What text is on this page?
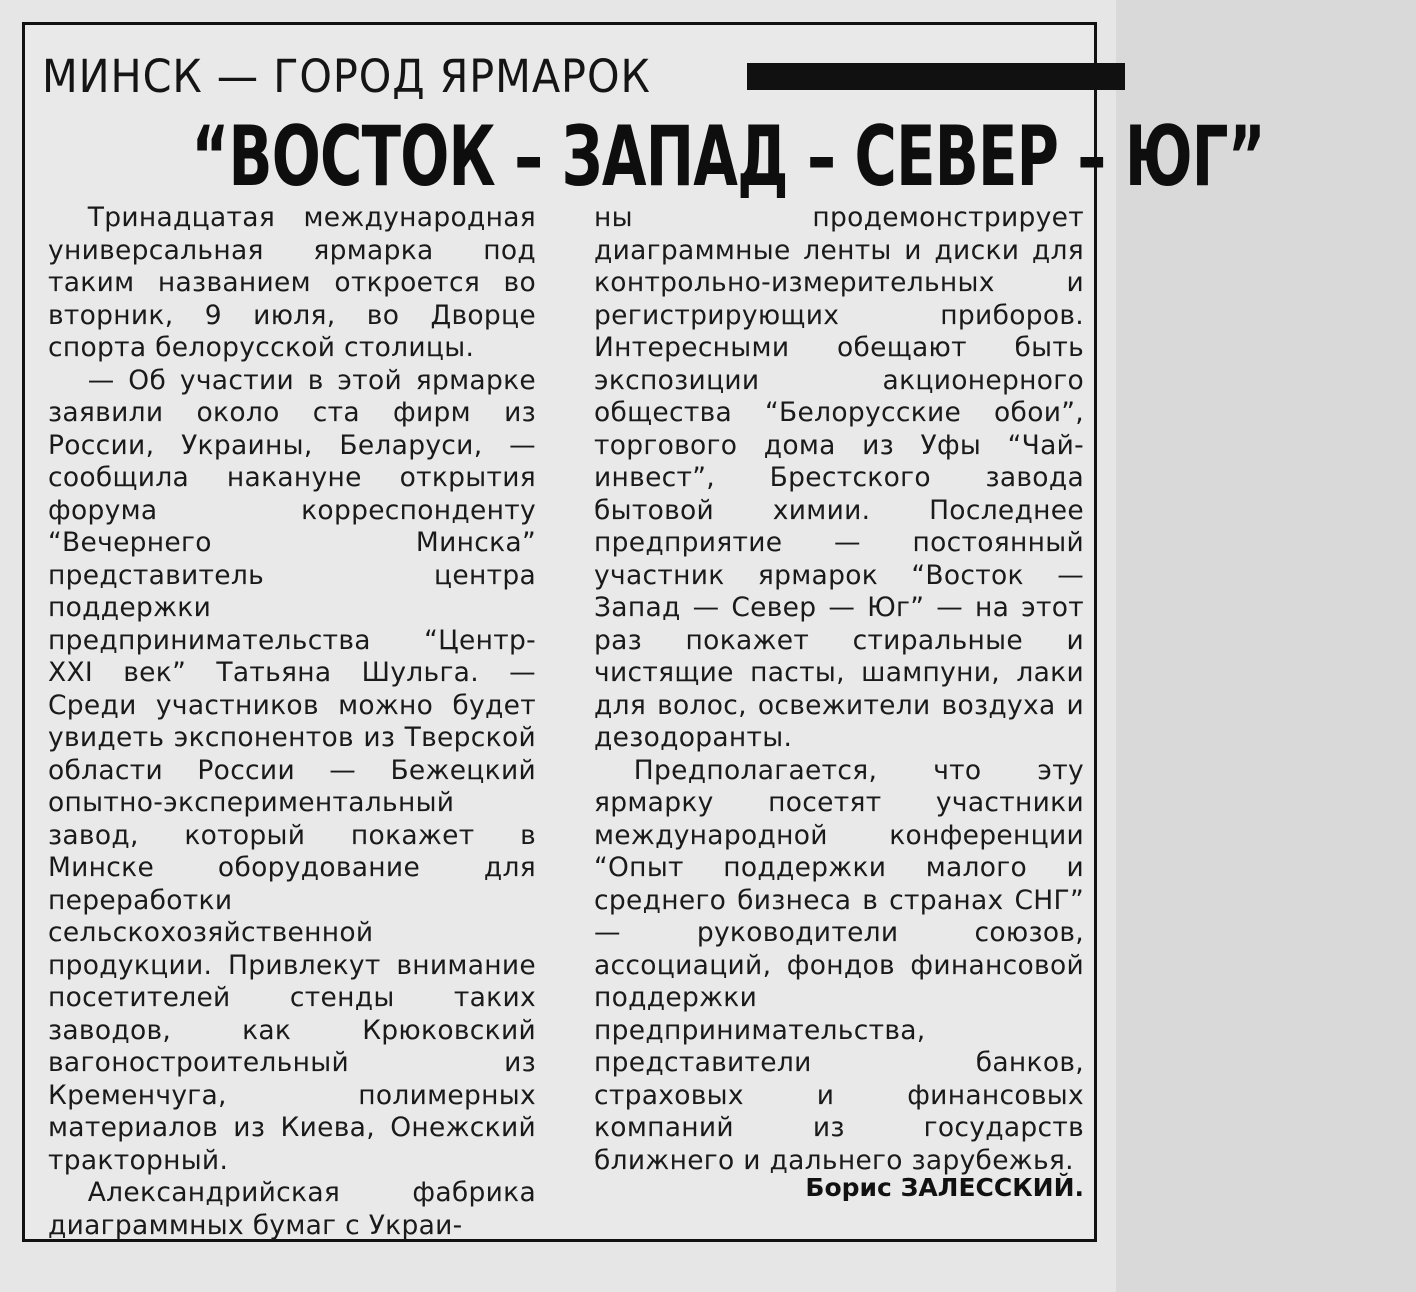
МИНСК — ГОРОД ЯРМАРОК
“ВОСТОК – ЗАПАД – СЕВЕР – ЮГ”

Тринадцатая международная универсальная ярмарка под таким названием откроется во вторник, 9 июля, во Дворце спорта белорусской столицы.

— Об участии в этой ярмарке заявили около ста фирм из России, Украины, Беларуси, — сообщила накануне открытия форума корреспонденту “Вечернего Минска” представитель центра поддержки предпринимательства “Центр-XXI век” Татьяна Шульга. — Среди участников можно будет увидеть экспонентов из Тверской области России — Бежецкий опытно-экспериментальный завод, который покажет в Минске оборудование для переработки сельскохозяйственной продукции. Привлекут внимание посетителей стенды таких заводов, как Крюковский вагоностроительный из Кременчуга, полимерных материалов из Киева, Онежский тракторный.

Александрийская фабрика диаграммных бумаг с Украи-

ны продемонстрирует диаграммные ленты и диски для контрольно-измерительных и регистрирующих приборов. Интересными обещают быть экспозиции акционерного общества “Белорусские обои”, торгового дома из Уфы “Чай-инвест”, Брестского завода бытовой химии. Последнее предприятие — постоянный участник ярмарок “Восток — Запад — Север — Юг” — на этот раз покажет стиральные и чистящие пасты, шампуни, лаки для волос, освежители воздуха и дезодоранты.

Предполагается, что эту ярмарку посетят участники международной конференции “Опыт поддержки малого и среднего бизнеса в странах СНГ” — руководители союзов, ассоциаций, фондов финансовой поддержки предпринимательства, представители банков, страховых и финансовых компаний из государств ближнего и дальнего зарубежья.

Борис ЗАЛЕССКИЙ.
